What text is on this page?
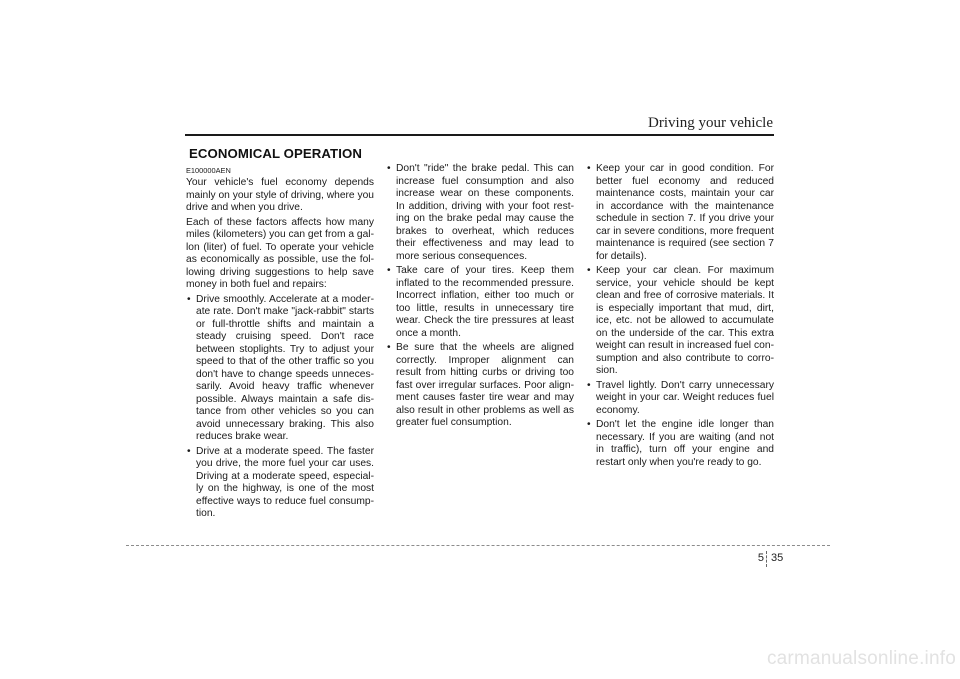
Driving your vehicle
ECONOMICAL OPERATION
E100000AEN

Your vehicle's fuel economy depends mainly on your style of driving, where you drive and when you drive.

Each of these factors affects how many miles (kilometers) you can get from a gal-lon (liter) of fuel. To operate your vehicle as economically as possible, use the fol-lowing driving suggestions to help save money in both fuel and repairs:

• Drive smoothly. Accelerate at a moder-ate rate. Don't make "jack-rabbit" starts or full-throttle shifts and maintain a steady cruising speed. Don't race between stoplights. Try to adjust your speed to that of the other traffic so you don't have to change speeds unneces-sarily. Avoid heavy traffic whenever possible. Always maintain a safe dis-tance from other vehicles so you can avoid unnecessary braking. This also reduces brake wear.
• Drive at a moderate speed. The faster you drive, the more fuel your car uses. Driving at a moderate speed, especial-ly on the highway, is one of the most effective ways to reduce fuel consump-tion.
• Don't "ride" the brake pedal. This can increase fuel consumption and also increase wear on these components. In addition, driving with your foot rest-ing on the brake pedal may cause the brakes to overheat, which reduces their effectiveness and may lead to more serious consequences.
• Take care of your tires. Keep them inflated to the recommended pressure. Incorrect inflation, either too much or too little, results in unnecessary tire wear. Check the tire pressures at least once a month.
• Be sure that the wheels are aligned correctly. Improper alignment can result from hitting curbs or driving too fast over irregular surfaces. Poor align-ment causes faster tire wear and may also result in other problems as well as greater fuel consumption.
• Keep your car in good condition. For better fuel economy and reduced maintenance costs, maintain your car in accordance with the maintenance schedule in section 7. If you drive your car in severe conditions, more frequent maintenance is required (see section 7 for details).
• Keep your car clean. For maximum service, your vehicle should be kept clean and free of corrosive materials. It is especially important that mud, dirt, ice, etc. not be allowed to accumulate on the underside of the car. This extra weight can result in increased fuel con-sumption and also contribute to corro-sion.
• Travel lightly. Don't carry unnecessary weight in your car. Weight reduces fuel economy.
• Don't let the engine idle longer than necessary. If you are waiting (and not in traffic), turn off your engine and restart only when you're ready to go.
5 35
carmanualsonline.info
